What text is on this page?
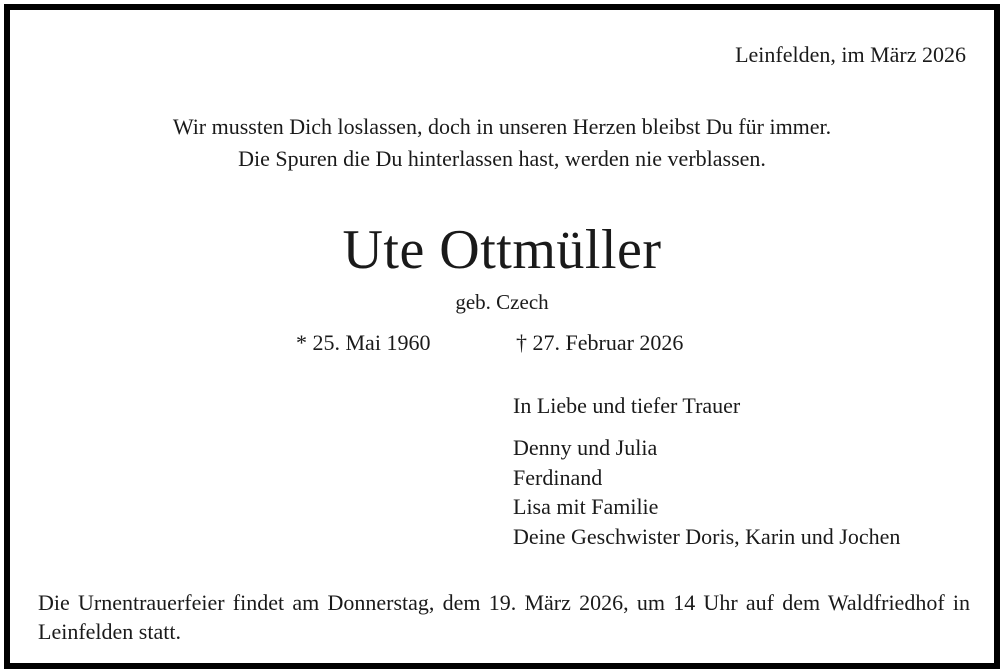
Leinfelden, im März 2026
Wir mussten Dich loslassen, doch in unseren Herzen bleibst Du für immer.
Die Spuren die Du hinterlassen hast, werden nie verblassen.
Ute Ottmüller
geb. Czech
* 25. Mai 1960	† 27. Februar 2026
In Liebe und tiefer Trauer
Denny und Julia
Ferdinand
Lisa mit Familie
Deine Geschwister Doris, Karin und Jochen
Die Urnentrauerfeier findet am Donnerstag, dem 19. März 2026, um 14 Uhr auf dem Waldfriedhof in Leinfelden statt.
